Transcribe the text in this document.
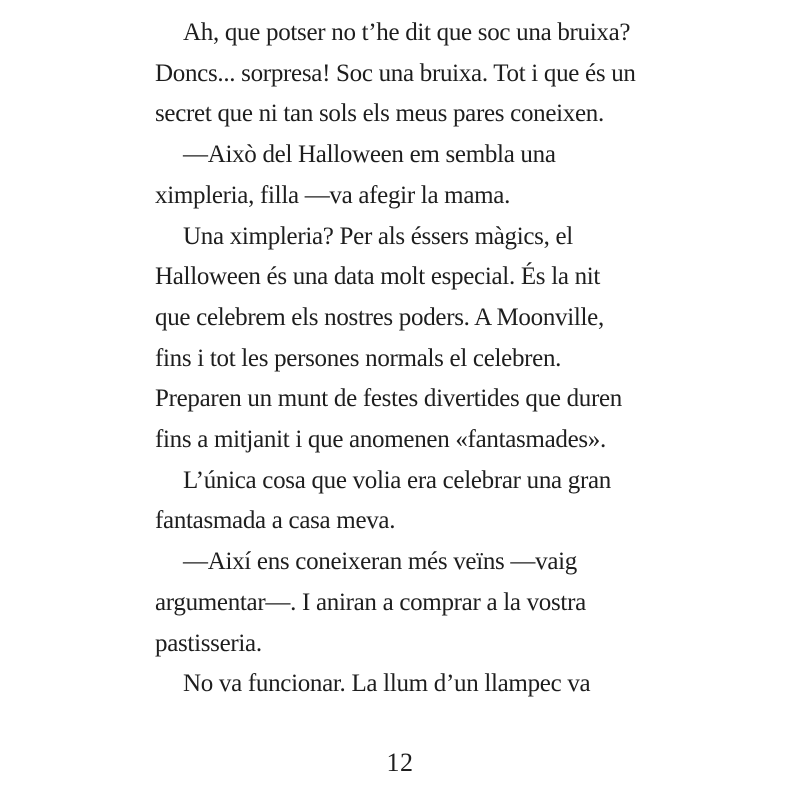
Ah, que potser no t’he dit que soc una bruixa?
Doncs... sorpresa! Soc una bruixa. Tot i que és un
secret que ni tan sols els meus pares coneixen.
—Això del Halloween em sembla una
ximpleria, filla —va afegir la mama.
Una ximpleria? Per als éssers màgics, el
Halloween és una data molt especial. És la nit
que celebrem els nostres poders. A Moonville,
fins i tot les persones normals el celebren.
Preparen un munt de festes divertides que duren
fins a mitjanit i que anomenen «fantasmades».
L’única cosa que volia era celebrar una gran
fantasmada a casa meva.
—Així ens coneixeran més veïns —vaig
argumentar—. I aniran a comprar a la vostra
pastisseria.
No va funcionar. La llum d’un llampec va
12
